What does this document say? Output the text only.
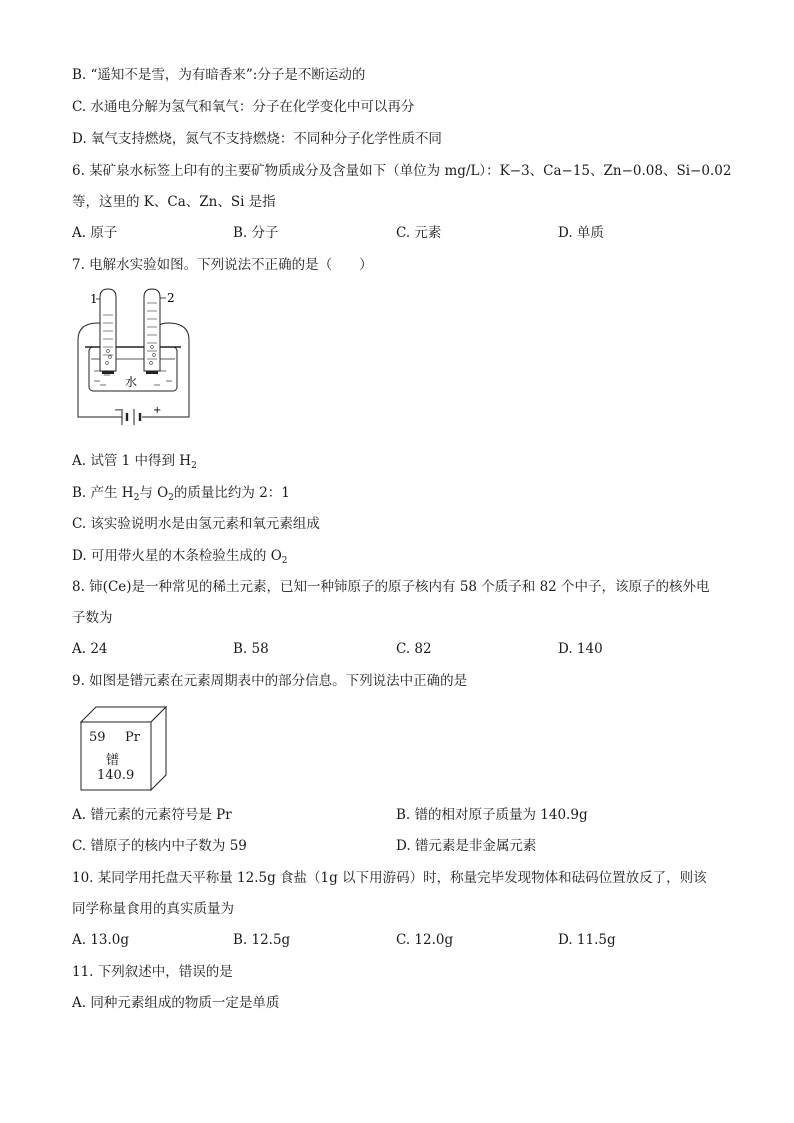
B. “遥知不是雪，为有暗香来”:分子是不断运动的
C. 水通电分解为氢气和氧气：分子在化学变化中可以再分
D. 氧气支持燃烧，氮气不支持燃烧：不同种分子化学性质不同
6. 某矿泉水标签上印有的主要矿物质成分及含量如下（单位为 mg/L）：K−3、Ca−15、Zn−0.08、Si−0.02
等，这里的 K、Ca、Zn、Si 是指
A. 原子	B. 分子	C. 元素	D. 单质
7. 电解水实验如图。下列说法不正确的是（　　）
−	+
1	2
水
A. 试管 1 中得到 $H_2$
B. 产生 $H_2$与 $O_2$的质量比约为 2：1
C. 该实验说明水是由氢元素和氧元素组成
D. 可用带火星的木条检验生成的 $O_2$
8. 铈(Ce)是一种常见的稀土元素，已知一种铈原子的原子核内有 58 个质子和 82 个中子，该原子的核外电
子数为
A. 24	B. 58	C. 82	D. 140
9. 如图是镨元素在元素周期表中的部分信息。下列说法中正确的是
59 Pr
镨
140.9
A. 镨元素的元素符号是 Pr	B. 镨的相对原子质量为 140.9g
C. 镨原子的核内中子数为 59	D. 镨元素是非金属元素
10. 某同学用托盘天平称量 12.5g 食盐（1g 以下用游码）时，称量完毕发现物体和砝码位置放反了，则该
同学称量食用的真实质量为
A. 13.0g	B. 12.5g	C. 12.0g	D. 11.5g
11. 下列叙述中，错误的是
A. 同种元素组成的物质一定是单质
